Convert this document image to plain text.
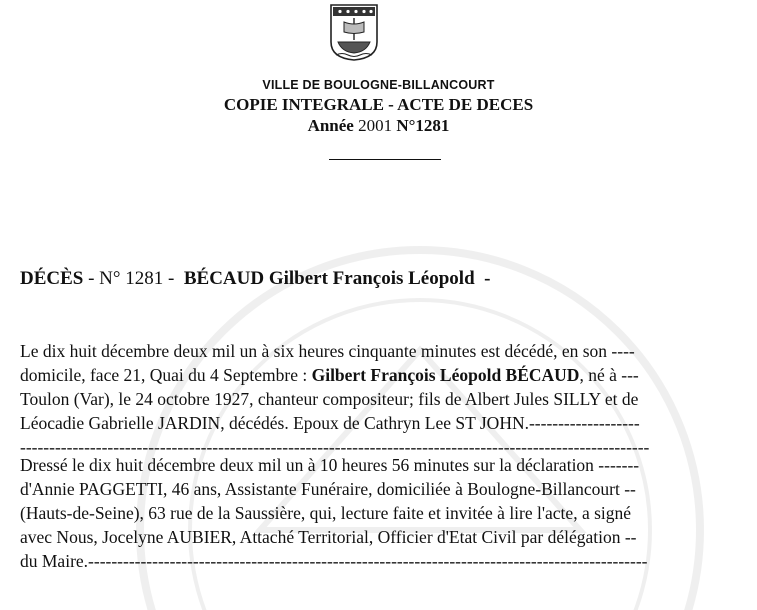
VILLE DE BOULOGNE-BILLANCOURT
COPIE INTEGRALE - ACTE DE DECES
Année 2001 N°1281
DÉCÈS - N° 1281 - BÉCAUD Gilbert François Léopold -
Le dix huit décembre deux mil un à six heures cinquante minutes est décédé, en son ----
domicile, face 21, Quai du 4 Septembre : Gilbert François Léopold BÉCAUD, né à ---
Toulon (Var), le 24 octobre 1927, chanteur compositeur; fils de Albert Jules SILLY et de
Léocadie Gabrielle JARDIN, décédés. Epoux de Cathryn Lee ST JOHN.-------------------
------------------------------------------------------------------------------------------------------------
Dressé le dix huit décembre deux mil un à 10 heures 56 minutes sur la déclaration -------
d'Annie PAGGETTI, 46 ans, Assistante Funéraire, domiciliée à Boulogne-Billancourt --
(Hauts-de-Seine), 63 rue de la Saussière, qui, lecture faite et invitée à lire l'acte, a signé
avec Nous, Jocelyne AUBIER, Attaché Territorial, Officier d'Etat Civil par délégation --
du Maire.------------------------------------------------------------------------------------------------
